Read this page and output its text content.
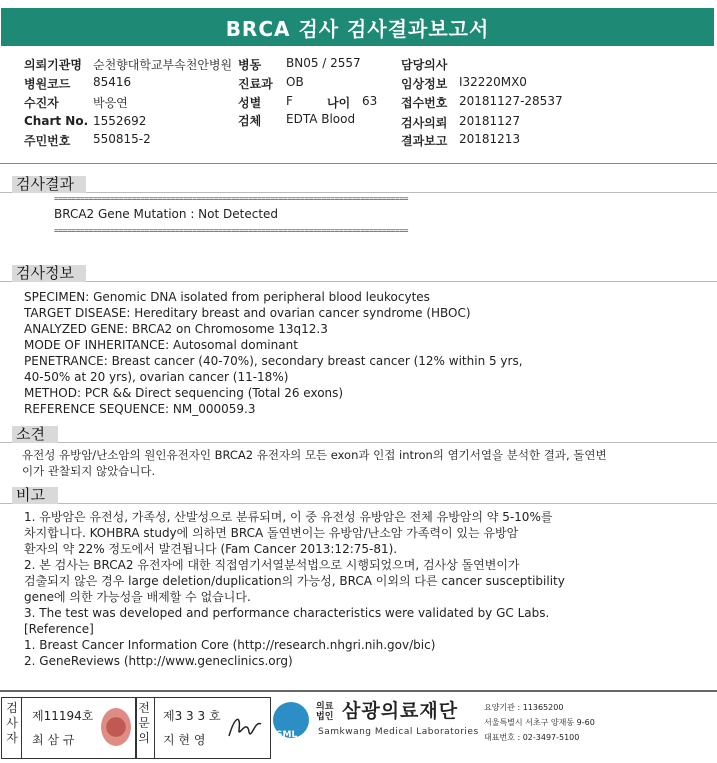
BRCA 검사 검사결과보고서
의뢰기관명 순천향대학교부속천안병원 병동 BN05 / 2557	담당의사
병원코드 85416	진료과 OB	임상정보 I32220MX0
수진자	박응연	성별 F	나이 63 접수번호 20181127-28537
Chart No. 1552692	검체 EDTA Blood	검사의뢰 20181127
주민번호 550815-2	결과보고 20181213
검사결과
==================================================================================
BRCA2 Gene Mutation : Not Detected
==================================================================================
검사정보
SPECIMEN: Genomic DNA isolated from peripheral blood leukocytes
TARGET DISEASE: Hereditary breast and ovarian cancer syndrome (HBOC)
ANALYZED GENE: BRCA2 on Chromosome 13q12.3
MODE OF INHERITANCE: Autosomal dominant
PENETRANCE: Breast cancer (40-70%), secondary breast cancer (12% within 5 yrs,
40-50% at 20 yrs), ovarian cancer (11-18%)
METHOD: PCR && Direct sequencing (Total 26 exons)
REFERENCE SEQUENCE: NM_000059.3
소견
유전성 유방암/난소암의 원인유전자인 BRCA2 유전자의 모든 exon과 인접 intron의 염기서열을 분석한 결과, 돌연변
이가 관찰되지 않았습니다.
비고
1. 유방암은 유전성, 가족성, 산발성으로 분류되며, 이 중 유전성 유방암은 전체 유방암의 약 5-10%를
차지합니다. KOHBRA study에 의하면 BRCA 돌연변이는 유방암/난소암 가족력이 있는 유방암
환자의 약 22% 정도에서 발견됩니다 (Fam Cancer 2013:12:75-81).
2. 본 검사는 BRCA2 유전자에 대한 직접염기서열분석법으로 시행되었으며, 검사상 돌연변이가
검출되지 않은 경우 large deletion/duplication의 가능성, BRCA 이외의 다른 cancer susceptibility
gene에 의한 가능성을 배제할 수 없습니다.
3. The test was developed and performance characteristics were validated by GC Labs.
[Reference]
1. Breast Cancer Information Core (http://research.nhgri.nih.gov/bic)
2. GeneReviews (http://www.geneclinics.org)
검사자
제11194호
최 삼 규
전문의
제3 3 3 호
지 현 영	SML
의료법인 삼광의료재단
Samkwang Medical Laboratories
요양기관 : 11365200
서울특별시 서초구 양재동 9-60
대표번호 : 02-3497-5100
